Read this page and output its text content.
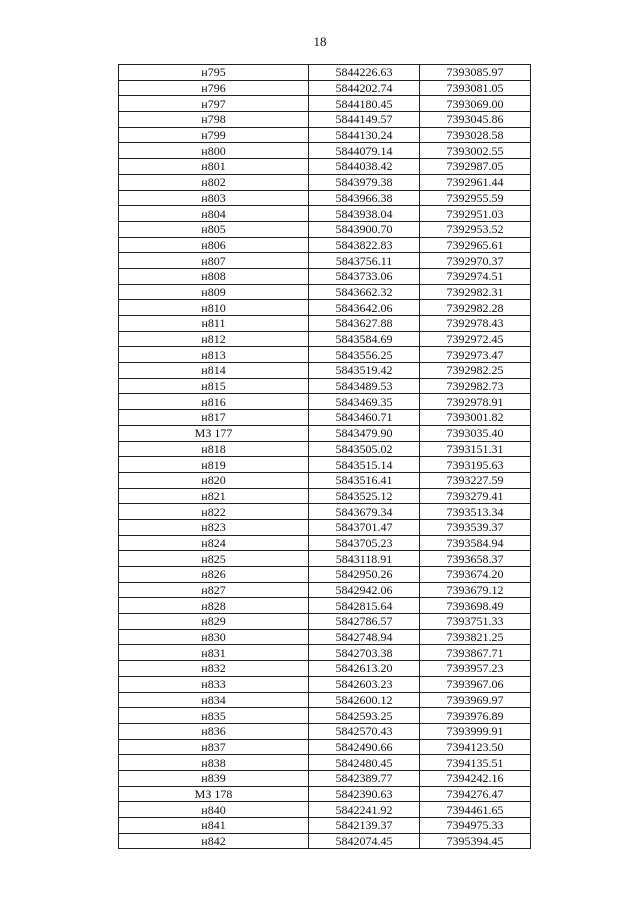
18
н795	5844226.63	7393085.97
н796	5844202.74	7393081.05
н797	5844180.45	7393069.00
н798	5844149.57	7393045.86
н799	5844130.24	7393028.58
н800	5844079.14	7393002.55
н801	5844038.42	7392987.05
н802	5843979.38	7392961.44
н803	5843966.38	7392955.59
н804	5843938.04	7392951.03
н805	5843900.70	7392953.52
н806	5843822.83	7392965.61
н807	5843756.11	7392970.37
н808	5843733.06	7392974.51
н809	5843662.32	7392982.31
н810	5843642.06	7392982.28
н811	5843627.88	7392978.43
н812	5843584.69	7392972.45
н813	5843556.25	7392973.47
н814	5843519.42	7392982.25
н815	5843489.53	7392982.73
н816	5843469.35	7392978.91
н817	5843460.71	7393001.82
МЗ 177	5843479.90	7393035.40
н818	5843505.02	7393151.31
н819	5843515.14	7393195.63
н820	5843516.41	7393227.59
н821	5843525.12	7393279.41
н822	5843679.34	7393513.34
н823	5843701.47	7393539.37
н824	5843705.23	7393584.94
н825	5843118.91	7393658.37
н826	5842950.26	7393674.20
н827	5842942.06	7393679.12
н828	5842815.64	7393698.49
н829	5842786.57	7393751.33
н830	5842748.94	7393821.25
н831	5842703.38	7393867.71
н832	5842613.20	7393957.23
н833	5842603.23	7393967.06
н834	5842600.12	7393969.97
н835	5842593.25	7393976.89
н836	5842570.43	7393999.91
н837	5842490.66	7394123.50
н838	5842480.45	7394135.51
н839	5842389.77	7394242.16
МЗ 178	5842390.63	7394276.47
н840	5842241.92	7394461.65
н841	5842139.37	7394975.33
н842	5842074.45	7395394.45
